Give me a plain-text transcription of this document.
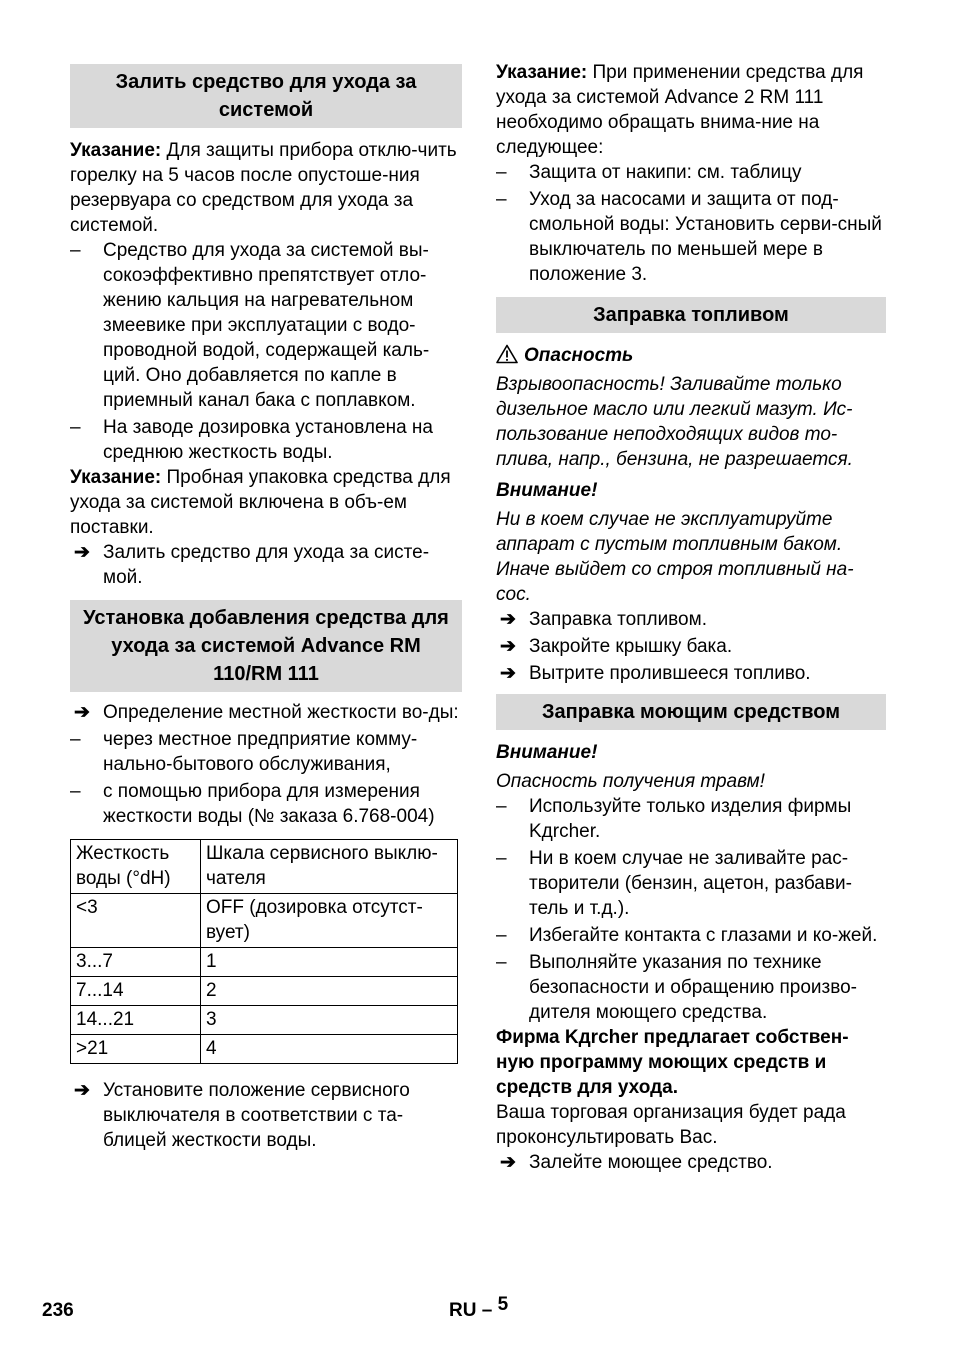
Залить средство для ухода за системой

Указание: Для защиты прибора отклю-чить горелку на 5 часов после опустоше-ния резервуара со средством для ухода за системой.

–	Средство для ухода за системой вы-сокоэффективно препятствует отло-жению кальция на нагревательном змеевике при эксплуатации с водо-проводной водой, содержащей каль-ций. Оно добавляется по капле в приемный канал бака с поплавком.
–	На заводе дозировка установлена на среднюю жесткость воды.

Указание: Пробная упаковка средства для ухода за системой включена в объ-ем поставки.

➔ Залить средство для ухода за систе-мой.
Установка добавления средства для ухода за системой Advance RM 110/RM 111
➔ Определение местной жесткости во-ды:
–	через местное предприятие комму-нально-бытового обслуживания,
–	с помощью прибора для измерения жесткости воды (№ заказа 6.768-004)
Жесткость воды (°dH)	Шкала сервисного выклю-чателя
<3	OFF (дозировка отсутст-вует)
3...7	1
7...14	2
14...21	3
>21	4
➔ Установите положение сервисного выключателя в соответствии с та-блицей жесткости воды.

Указание: При применении средства для ухода за системой Advance 2 RM 111 необходимо обращать внима-ние на следующее:

–	Защита от накипи: см. таблицу
–	Уход за насосами и защита от под-смольной воды: Установить серви-сный выключатель по меньшей мере в положение 3.
Заправка топливом

Опасность

Взрывоопасность! Заливайте только дизельное масло или легкий мазут. Ис-пользование неподходящих видов то-плива, напр., бензина, не разрешается.

Внимание!

Ни в коем случае не эксплуатируйте аппарат с пустым топливным баком. Иначе выйдет со строя топливный на-сос.

➔ Заправка топливом.
➔ Закройте крышку бака.
➔ Вытрите пролившееся топливо.
Заправка моющим средством

Внимание!

Опасность получения травм!

–	Используйте только изделия фирмы Kдrcher.
–	Ни в коем случае не заливайте рас-творители (бензин, ацетон, разбави-тель и т.д.).
–	Избегайте контакта с глазами и ко-жей.
–	Выполняйте указания по технике безопасности и обращению произво-дителя моющего средства.

Фирма Kдrcher предлагает собствен-ную программу моющих средств и средств для ухода.

Ваша торговая организация будет рада проконсультировать Вас.

➔ Залейте моющее средство.
236	RU – 5
